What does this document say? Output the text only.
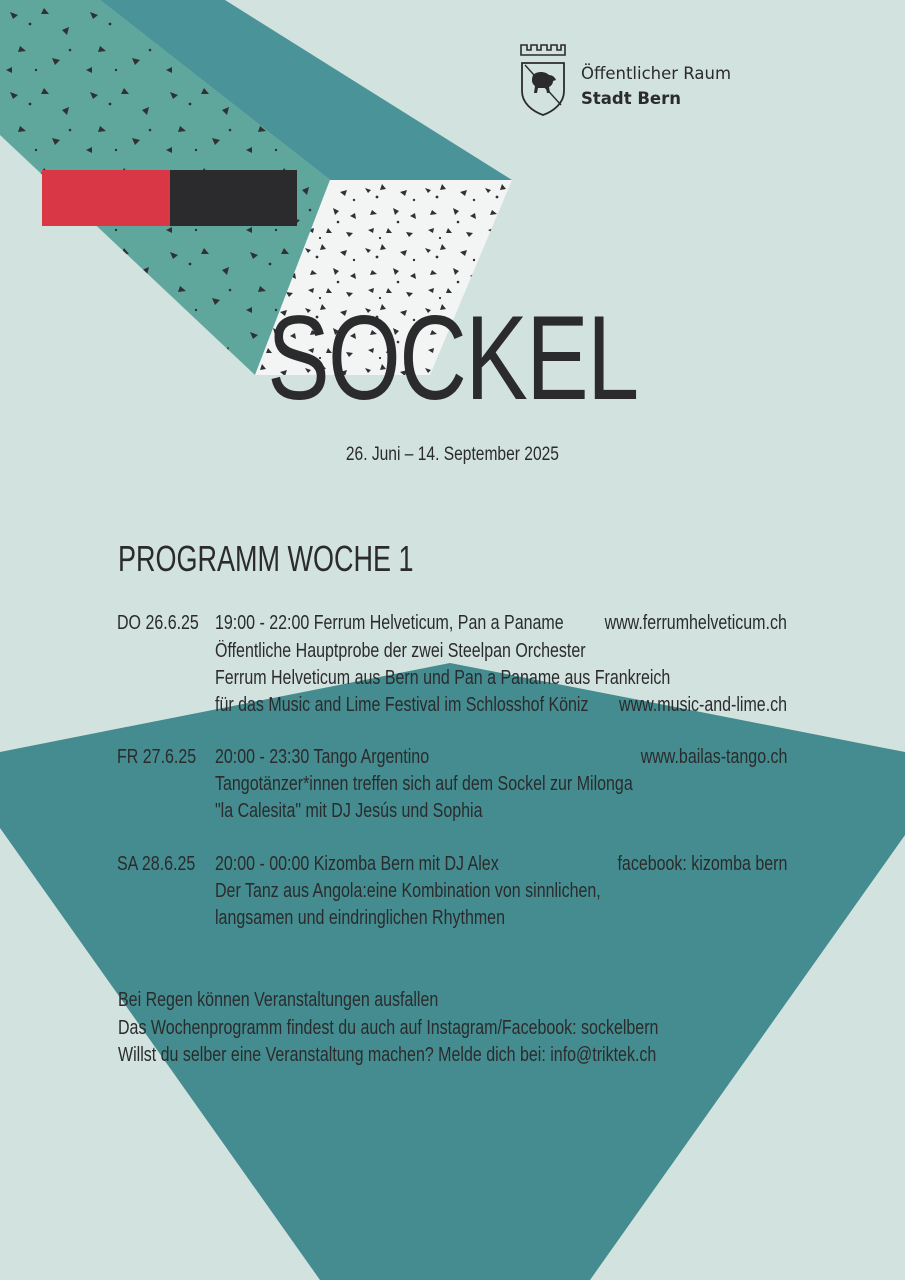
Öffentlicher Raum
Stadt Bern
SOCKEL
26. Juni – 14. September 2025
PROGRAMM WOCHE 1
DO 26.6.25 19:00 - 22:00 Ferrum Helveticum, Pan a Paname www.ferrumhelveticum.ch
Öffentliche Hauptprobe der zwei Steelpan Orchester
Ferrum Helveticum aus Bern und Pan a Paname aus Frankreich
für das Music and Lime Festival im Schlosshof Köniz www.music-and-lime.ch
FR 27.6.25 20:00 - 23:30 Tango Argentino	www.bailas-tango.ch
Tangotänzer*innen treffen sich auf dem Sockel zur Milonga
"la Calesita" mit DJ Jesús und Sophia
SA 28.6.25 20:00 - 00:00 Kizomba Bern mit DJ Alex	facebook: kizomba bern
Der Tanz aus Angola:eine Kombination von sinnlichen,
langsamen und eindringlichen Rhythmen
Bei Regen können Veranstaltungen ausfallen
Das Wochenprogramm findest du auch auf Instagram/Facebook: sockelbern
Willst du selber eine Veranstaltung machen? Melde dich bei: info@triktek.ch
